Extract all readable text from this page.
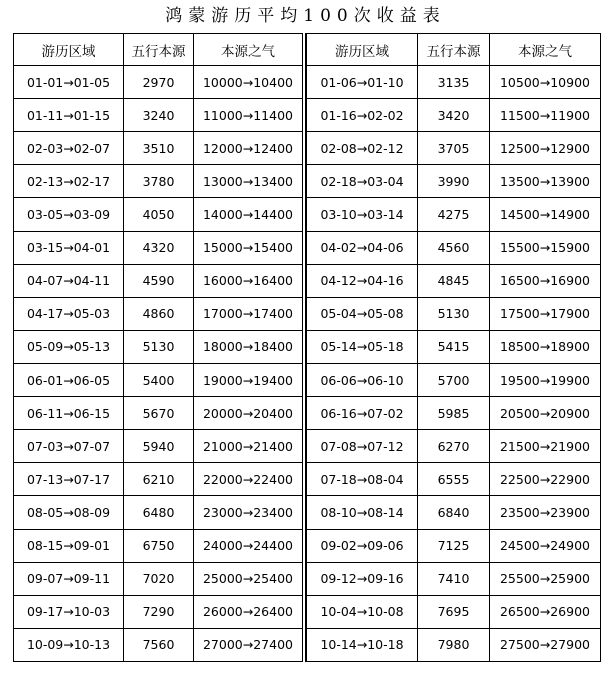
鸿蒙游历平均100次收益表
游历区域	五行本源	本源之气
01-01→01-05	2970	10000→10400
01-11→01-15	3240	11000→11400
02-03→02-07	3510	12000→12400
02-13→02-17	3780	13000→13400
03-05→03-09	4050	14000→14400
03-15→04-01	4320	15000→15400
04-07→04-11	4590	16000→16400
04-17→05-03	4860	17000→17400
05-09→05-13	5130	18000→18400
06-01→06-05	5400	19000→19400
06-11→06-15	5670	20000→20400
07-03→07-07	5940	21000→21400
07-13→07-17	6210	22000→22400
08-05→08-09	6480	23000→23400
08-15→09-01	6750	24000→24400
09-07→09-11	7020	25000→25400
09-17→10-03	7290	26000→26400
10-09→10-13	7560	27000→27400
游历区域	五行本源	本源之气
01-06→01-10	3135	10500→10900
01-16→02-02	3420	11500→11900
02-08→02-12	3705	12500→12900
02-18→03-04	3990	13500→13900
03-10→03-14	4275	14500→14900
04-02→04-06	4560	15500→15900
04-12→04-16	4845	16500→16900
05-04→05-08	5130	17500→17900
05-14→05-18	5415	18500→18900
06-06→06-10	5700	19500→19900
06-16→07-02	5985	20500→20900
07-08→07-12	6270	21500→21900
07-18→08-04	6555	22500→22900
08-10→08-14	6840	23500→23900
09-02→09-06	7125	24500→24900
09-12→09-16	7410	25500→25900
10-04→10-08	7695	26500→26900
10-14→10-18	7980	27500→27900
